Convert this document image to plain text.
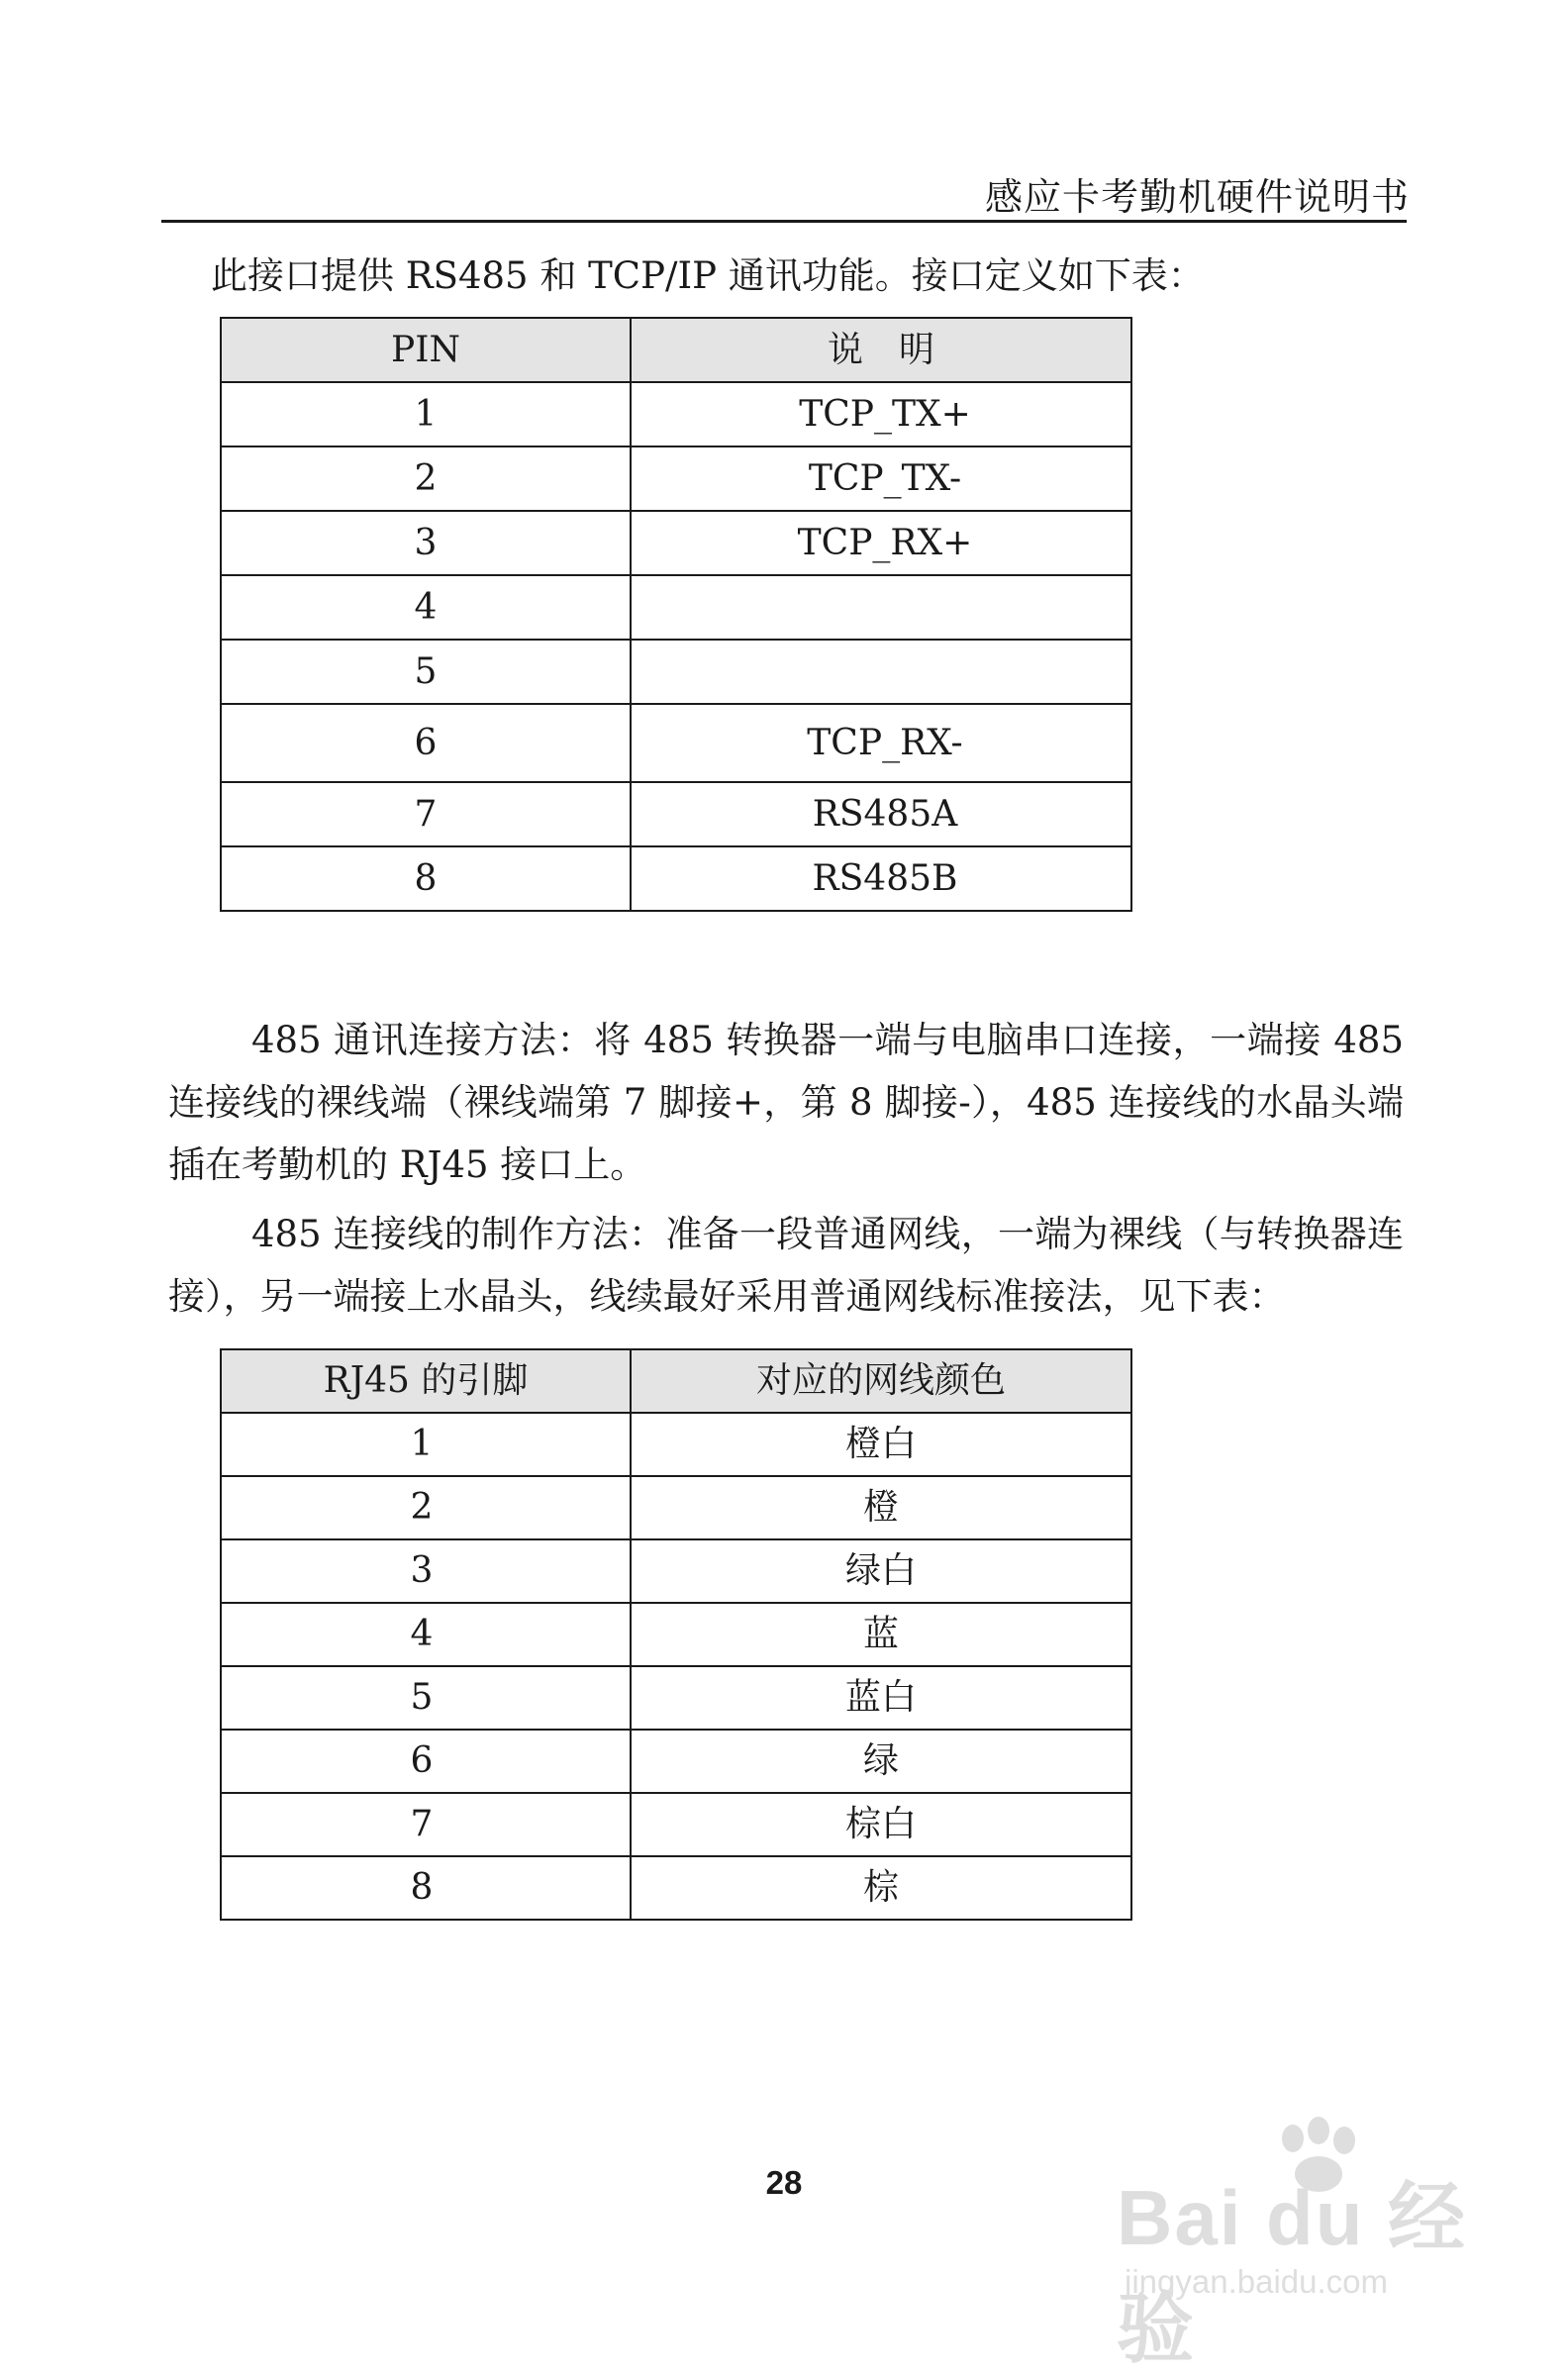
感应卡考勤机硬件说明书
此接口提供 RS485 和 TCP/IP 通讯功能。接口定义如下表：
PIN	说　明
1	TCP_TX+
2	TCP_TX-
3	TCP_RX+
4	
5	
6	TCP_RX-
7	RS485A
8	RS485B

485 通讯连接方法：将 485 转换器一端与电脑串口连接，一端接 485 连接线的裸线端（裸线端第 7 脚接+，第 8 脚接-），485 连接线的水晶头端插在考勤机的 RJ45 接口上。

485 连接线的制作方法：准备一段普通网线，一端为裸线（与转换器连接），另一端接上水晶头，线续最好采用普通网线标准接法，见下表：

RJ45 的引脚	对应的网线颜色
1	橙白
2	橙
3	绿白
4	蓝
5	蓝白
6	绿
7	棕白
8	棕
28	Bai du 经验
jingyan.baidu.com
